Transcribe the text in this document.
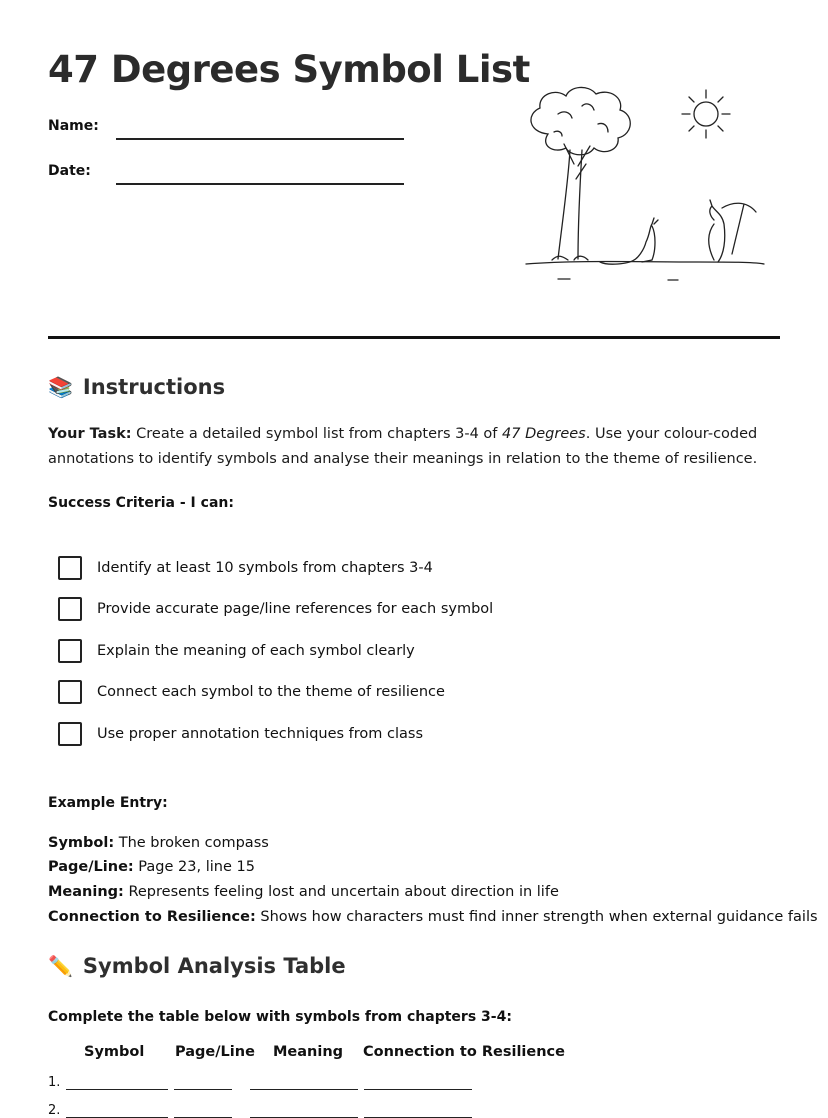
47 Degrees Symbol List
Name:
Date:
📚 Instructions
Your Task: Create a detailed symbol list from chapters 3-4 of 47 Degrees. Use your colour-coded annotations to identify symbols and analyse their meanings in relation to the theme of resilience.
Success Criteria - I can:
Identify at least 10 symbols from chapters 3-4
Provide accurate page/line references for each symbol
Explain the meaning of each symbol clearly
Connect each symbol to the theme of resilience
Use proper annotation techniques from class
Example Entry:
Symbol: The broken compass
Page/Line: Page 23, line 15
Meaning: Represents feeling lost and uncertain about direction in life
Connection to Resilience: Shows how characters must find inner strength when external guidance fails
✏️ Symbol Analysis Table
Complete the table below with symbols from chapters 3-4:
Symbol Page/Line Meaning Connection to Resilience
1.
2.
